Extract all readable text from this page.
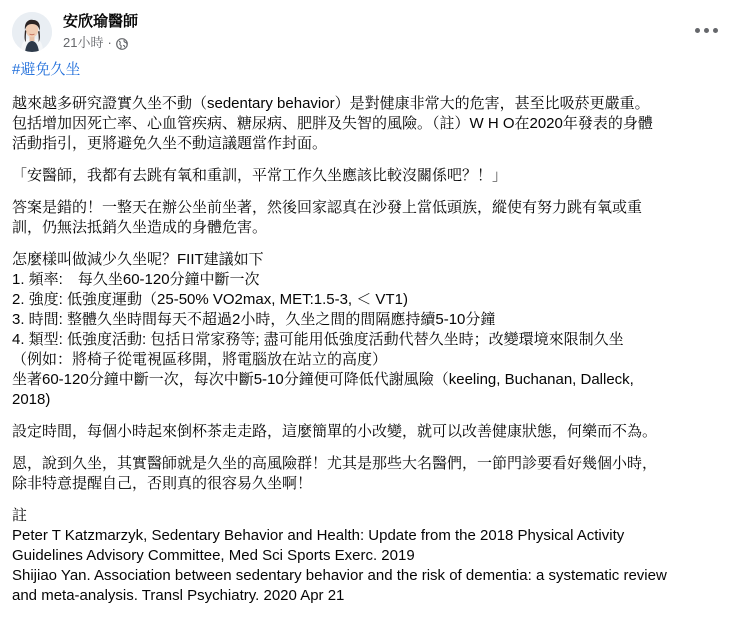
安欣瑜醫師
21小時 ·
#避免久坐

越來越多研究證實久坐不動（sedentary behavior）是對健康非常大的危害，甚至比吸菸更嚴重。
包括增加因死亡率、心血管疾病、糖尿病、肥胖及失智的風險。（註）W H O在2020年發表的身體
活動指引，更將避免久坐不動這議題當作封面。

「安醫師，我都有去跳有氧和重訓，平常工作久坐應該比較沒關係吧？！」

答案是錯的！一整天在辦公坐前坐著，然後回家認真在沙發上當低頭族，縱使有努力跳有氧或重
訓，仍無法抵銷久坐造成的身體危害。

怎麼樣叫做減少久坐呢？FIIT建議如下
1. 頻率:　每久坐60-120分鐘中斷一次
2. 強度: 低強度運動（25-50% VO2max, MET:1.5-3, ＜ VT1)
3. 時間: 整體久坐時間每天不超過2小時，久坐之間的間隔應持續5-10分鐘
4. 類型: 低強度活動: 包括日常家務等; 盡可能用低強度活動代替久坐時；改變環境來限制久坐
（例如：將椅子從電視區移開，將電腦放在站立的高度）
坐著60-120分鐘中斷一次，每次中斷5-10分鐘便可降低代謝風險（keeling, Buchanan, Dalleck,
2018)

設定時間，每個小時起來倒杯茶走走路，這麼簡單的小改變，就可以改善健康狀態，何樂而不為。

恩，說到久坐，其實醫師就是久坐的高風險群！尤其是那些大名醫們，一節門診要看好幾個小時，
除非特意提醒自己，否則真的很容易久坐啊！

註
Peter T Katzmarzyk, Sedentary Behavior and Health: Update from the 2018 Physical Activity
Guidelines Advisory Committee, Med Sci Sports Exerc. 2019
Shijiao Yan. Association between sedentary behavior and the risk of dementia: a systematic review
and meta-analysis. Transl Psychiatry. 2020 Apr 21
